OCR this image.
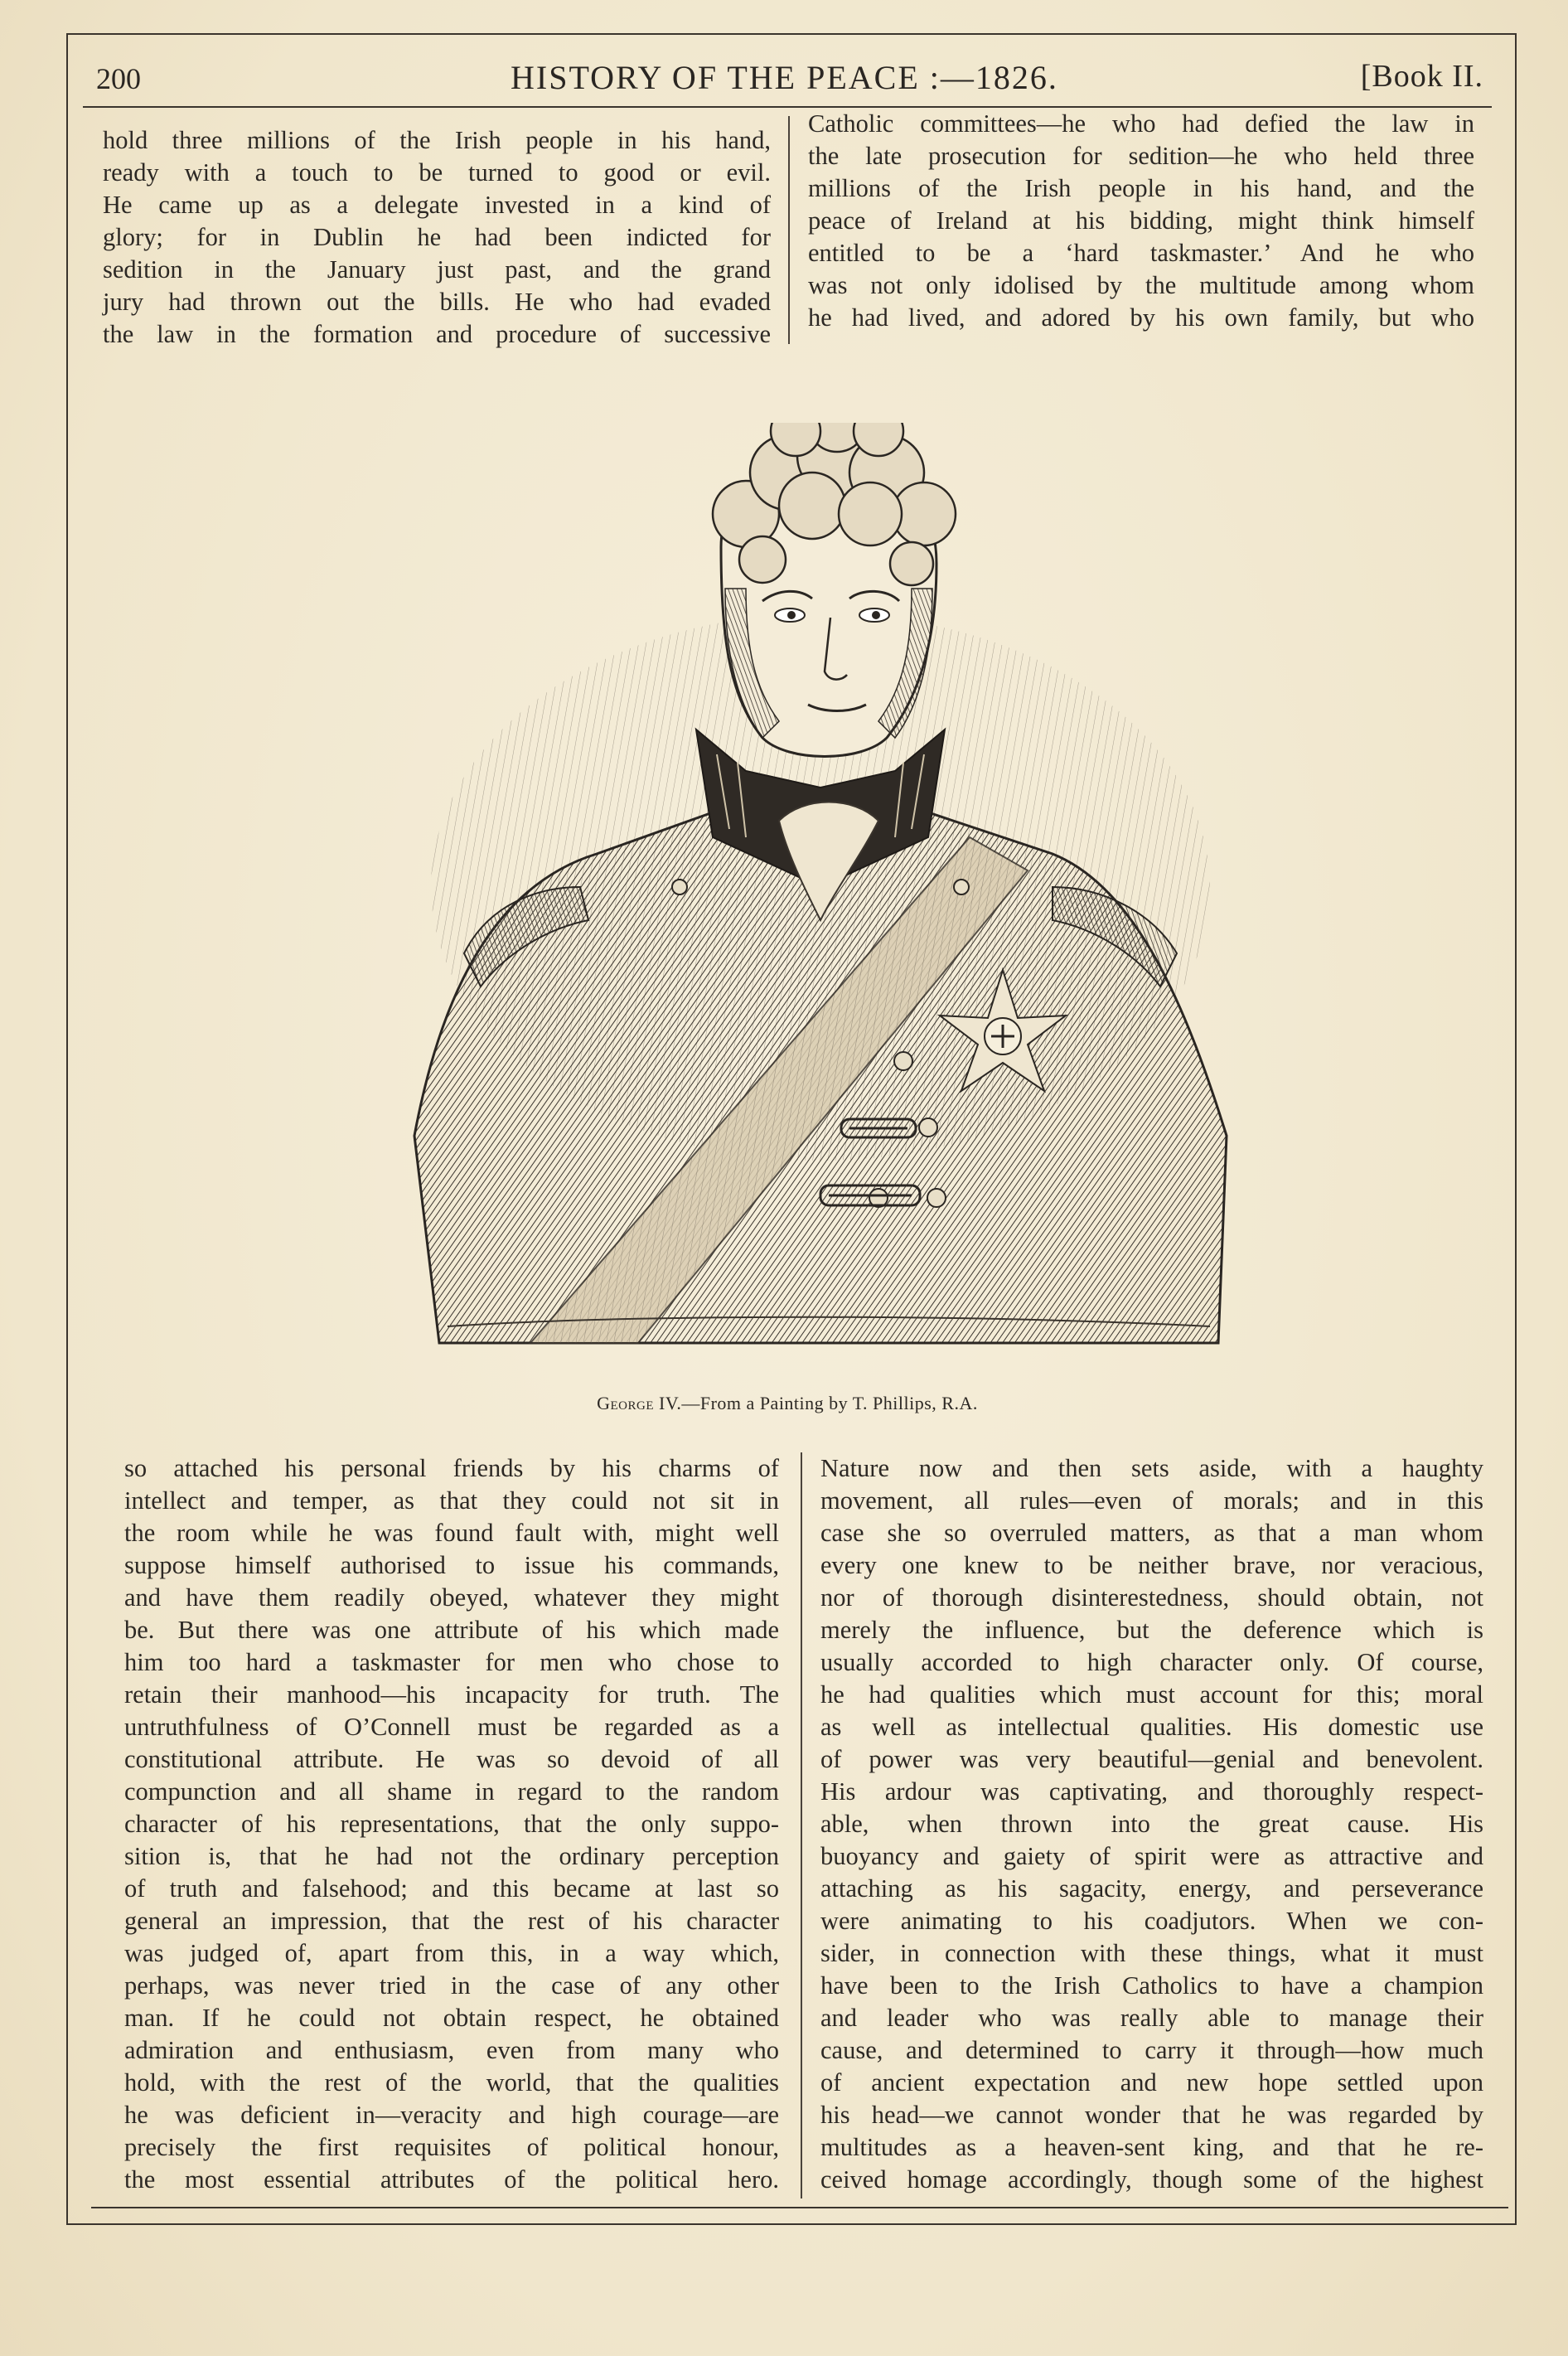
200	HISTORY OF THE PEACE :—1826.	[Book II.
hold three millions of the Irish people in his hand,
ready with a touch to be turned to good or evil.
He came up as a delegate invested in a kind of
glory; for in Dublin he had been indicted for
sedition in the January just past, and the grand
jury had thrown out the bills. He who had evaded
the law in the formation and procedure of successive
Catholic committees—he who had defied the law in
the late prosecution for sedition—he who held three
millions of the Irish people in his hand, and the
peace of Ireland at his bidding, might think himself
entitled to be a ‘hard taskmaster.’ And he who
was not only idolised by the multitude among whom
he had lived, and adored by his own family, but who
George IV.—From a Painting by T. Phillips, R.A.
so attached his personal friends by his charms of
intellect and temper, as that they could not sit in
the room while he was found fault with, might well
suppose himself authorised to issue his commands,
and have them readily obeyed, whatever they might
be. But there was one attribute of his which made
him too hard a taskmaster for men who chose to
retain their manhood—his incapacity for truth. The
untruthfulness of O’Connell must be regarded as a
constitutional attribute. He was so devoid of all
compunction and all shame in regard to the random
character of his representations, that the only suppo-
sition is, that he had not the ordinary perception
of truth and falsehood; and this became at last so
general an impression, that the rest of his character
was judged of, apart from this, in a way which,
perhaps, was never tried in the case of any other
man. If he could not obtain respect, he obtained
admiration and enthusiasm, even from many who
hold, with the rest of the world, that the qualities
he was deficient in—veracity and high courage—are
precisely the first requisites of political honour,
the most essential attributes of the political hero.
Nature now and then sets aside, with a haughty
movement, all rules—even of morals; and in this
case she so overruled matters, as that a man whom
every one knew to be neither brave, nor veracious,
nor of thorough disinterestedness, should obtain, not
merely the influence, but the deference which is
usually accorded to high character only. Of course,
he had qualities which must account for this; moral
as well as intellectual qualities. His domestic use
of power was very beautiful—genial and benevolent.
His ardour was captivating, and thoroughly respect-
able, when thrown into the great cause. His
buoyancy and gaiety of spirit were as attractive and
attaching as his sagacity, energy, and perseverance
were animating to his coadjutors. When we con-
sider, in connection with these things, what it must
have been to the Irish Catholics to have a champion
and leader who was really able to manage their
cause, and determined to carry it through—how much
of ancient expectation and new hope settled upon
his head—we cannot wonder that he was regarded by
multitudes as a heaven-sent king, and that he re-
ceived homage accordingly, though some of the highest
